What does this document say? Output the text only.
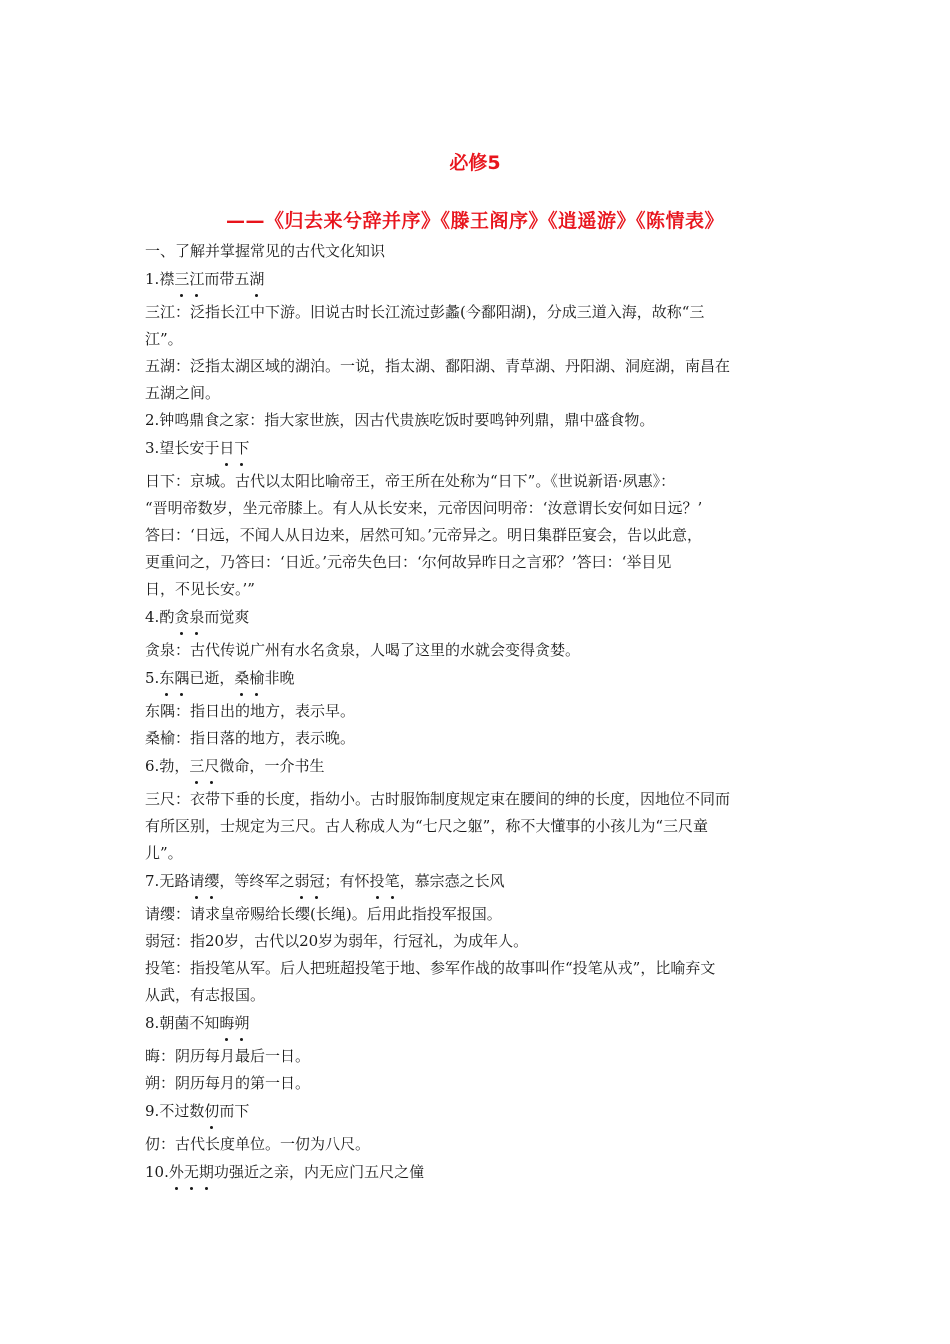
必修5
——《归去来兮辞并序》《滕王阁序》《逍遥游》《陈情表》
一、了解并掌握常见的古代文化知识
1.襟三江而带五湖
三江：泛指长江中下游。旧说古时长江流过彭蠡(今鄱阳湖)，分成三道入海，故称“三
江”。
五湖：泛指太湖区域的湖泊。一说，指太湖、鄱阳湖、青草湖、丹阳湖、洞庭湖，南昌在
五湖之间。
2.钟鸣鼎食之家：指大家世族，因古代贵族吃饭时要鸣钟列鼎，鼎中盛食物。
3.望长安于日下
日下：京城。古代以太阳比喻帝王，帝王所在处称为“日下”。《世说新语·夙惠》：
“晋明帝数岁，坐元帝膝上。有人从长安来，元帝因问明帝：‘汝意谓长安何如日远？’
答曰：‘日远，不闻人从日边来，居然可知。’元帝异之。明日集群臣宴会，告以此意，
更重问之，乃答曰：‘日近。’元帝失色曰：‘尔何故异昨日之言邪？’答曰：‘举目见
日，不见长安。’”
4.酌贪泉而觉爽
贪泉：古代传说广州有水名贪泉，人喝了这里的水就会变得贪婪。
5.东隅已逝，桑榆非晚
东隅：指日出的地方，表示早。
桑榆：指日落的地方，表示晚。
6.勃，三尺微命，一介书生
三尺：衣带下垂的长度，指幼小。古时服饰制度规定束在腰间的绅的长度，因地位不同而
有所区别，士规定为三尺。古人称成人为“七尺之躯”，称不大懂事的小孩儿为“三尺童
儿”。
7.无路请缨，等终军之弱冠；有怀投笔，慕宗悫之长风
请缨：请求皇帝赐给长缨(长绳)。后用此指投军报国。
弱冠：指20岁，古代以20岁为弱年，行冠礼，为成年人。
投笔：指投笔从军。后人把班超投笔于地、参军作战的故事叫作“投笔从戎”，比喻弃文
从武，有志报国。
8.朝菌不知晦朔
晦：阴历每月最后一日。
朔：阴历每月的第一日。
9.不过数仞而下
仞：古代长度单位。一仞为八尺。
10.外无期功强近之亲，内无应门五尺之僮
